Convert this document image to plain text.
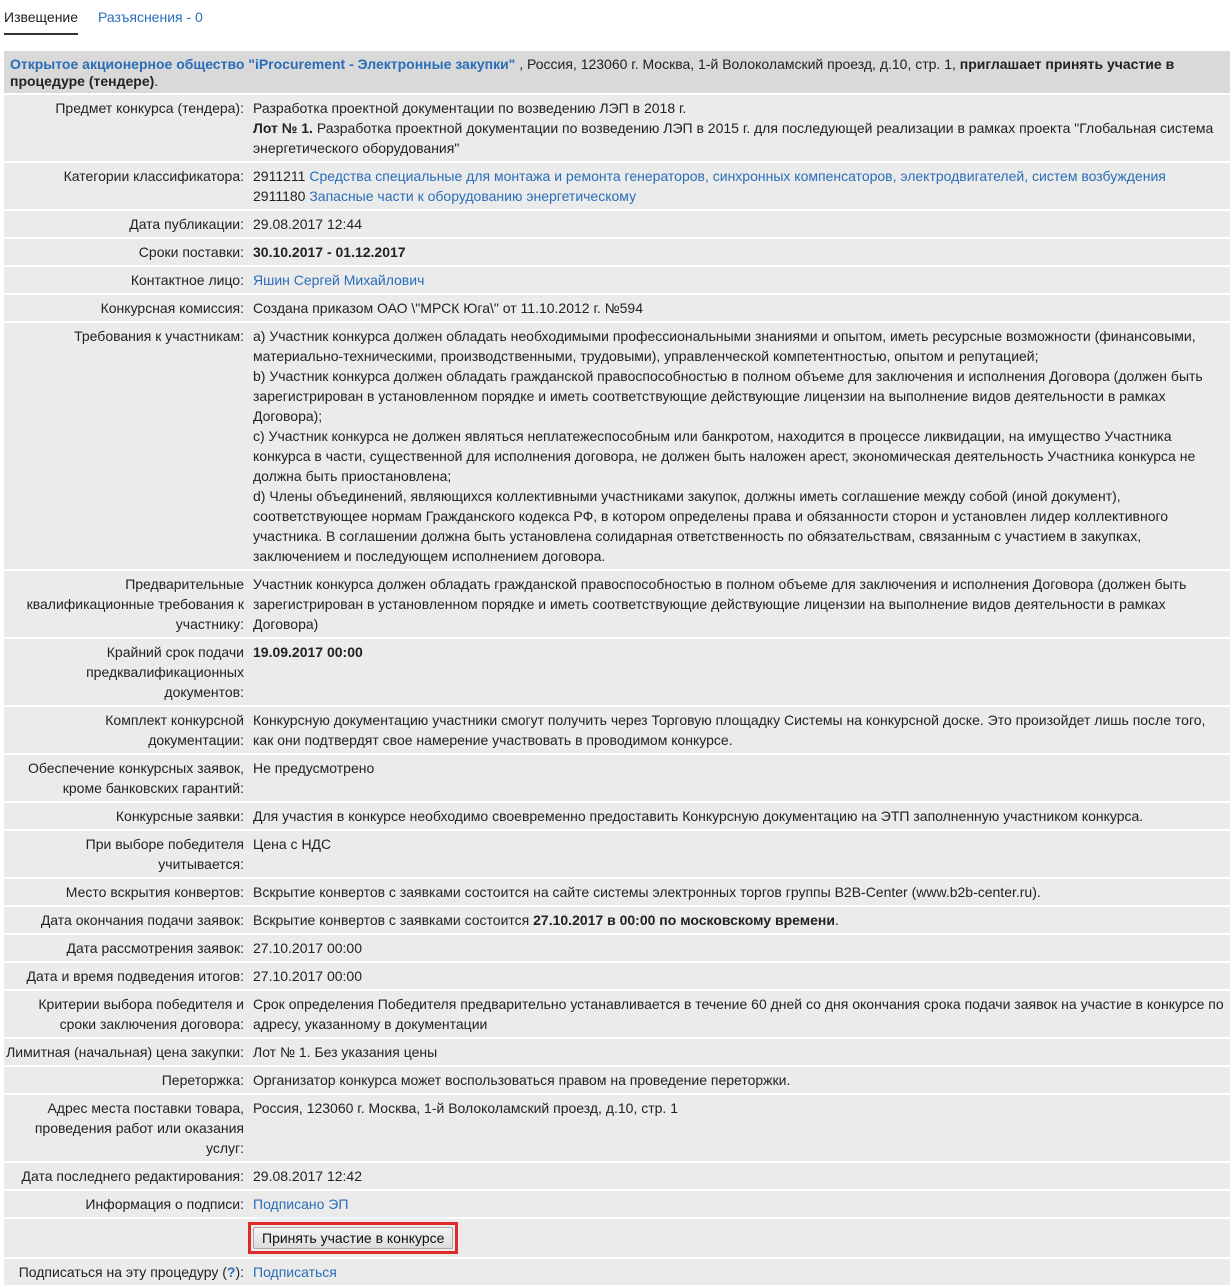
Извещение Разъяснения - 0
Открытое акционерное общество "iProcurement - Электронные закупки" , Россия, 123060 г. Москва, 1-й Волоколамский проезд, д.10, стр. 1, приглашает принять участие в процедуре (тендере).	
Предмет конкурса (тендера):	Разработка проектной документации по возведению ЛЭП в 2018 г.
Лот № 1. Разработка проектной документации по возведению ЛЭП в 2015 г. для последующей реализации в рамках проекта "Глобальная система энергетического оборудования"

Категории классификатора:	2911211 Средства специальные для монтажа и ремонта генераторов, синхронных компенсаторов, электродвигателей, систем возбуждения
2911180 Запасные части к оборудованию энергетическому

Дата публикации:	29.08.2017 12:44
Сроки поставки:	30.10.2017 - 01.12.2017
Контактное лицо:	Яшин Сергей Михайлович
Конкурсная комиссия:	Создана приказом ОАО \"МРСК Юга\" от 11.10.2012 г. №594
Требования к участникам:	a) Участник конкурса должен обладать необходимыми профессиональными знаниями и опытом, иметь ресурсные возможности (финансовыми, материально-техническими, производственными, трудовыми), управленческой компетентностью, опытом и репутацией;
b) Участник конкурса должен обладать гражданской правоспособностью в полном объеме для заключения и исполнения Договора (должен быть зарегистрирован в установленном порядке и иметь соответствующие действующие лицензии на выполнение видов деятельности в рамках Договора);
c) Участник конкурса не должен являться неплатежеспособным или банкротом, находится в процессе ликвидации, на имущество Участника конкурса в части, существенной для исполнения договора, не должен быть наложен арест, экономическая деятельность Участника конкурса не должна быть приостановлена;
d) Члены объединений, являющихся коллективными участниками закупок, должны иметь соглашение между собой (иной документ), соответствующее нормам Гражданского кодекса РФ, в котором определены права и обязанности сторон и установлен лидер коллективного участника. В соглашении должна быть установлена солидарная ответственность по обязательствам, связанным с участием в закупках, заключением и последующем исполнением договора.

Предварительные квалификационные требования к участнику:	Участник конкурса должен обладать гражданской правоспособностью в полном объеме для заключения и исполнения Договора (должен быть зарегистрирован в установленном порядке и иметь соответствующие действующие лицензии на выполнение видов деятельности в рамках Договора)
Крайний срок подачи предквалификационных документов:	19.09.2017 00:00
Комплект конкурсной документации:	Конкурсную документацию участники смогут получить через Торговую площадку Системы на конкурсной доске. Это произойдет лишь после того, как они подтвердят свое намерение участвовать в проводимом конкурсе.
Обеспечение конкурсных заявок, кроме банковских гарантий:	Не предусмотрено
Конкурсные заявки:	Для участия в конкурсе необходимо своевременно предоставить Конкурсную документацию на ЭТП заполненную участником конкурса.
При выборе победителя учитывается:	Цена с НДС
Место вскрытия конвертов:	Вскрытие конвертов с заявками состоится на сайте системы электронных торгов группы B2B-Center (www.b2b-center.ru).
Дата окончания подачи заявок:	Вскрытие конвертов с заявками состоится 27.10.2017 в 00:00 по московскому времени.
Дата рассмотрения заявок:	27.10.2017 00:00
Дата и время подведения итогов:	27.10.2017 00:00
Критерии выбора победителя и сроки заключения договора:	Срок определения Победителя предварительно устанавливается в течение 60 дней со дня окончания срока подачи заявок на участие в конкурсе по адресу, указанному в документации
Лимитная (начальная) цена закупки:	Лот № 1. Без указания цены
Переторжка:	Организатор конкурса может воспользоваться правом на проведение переторжки.
Адрес места поставки товара, проведения работ или оказания услуг:	Россия, 123060 г. Москва, 1-й Волоколамский проезд, д.10, стр. 1
Дата последнего редактирования:	29.08.2017 12:42
Информация о подписи:	Подписано ЭП
	Принять участие в конкурсе
Подписаться на эту процедуру (?):	Подписаться
